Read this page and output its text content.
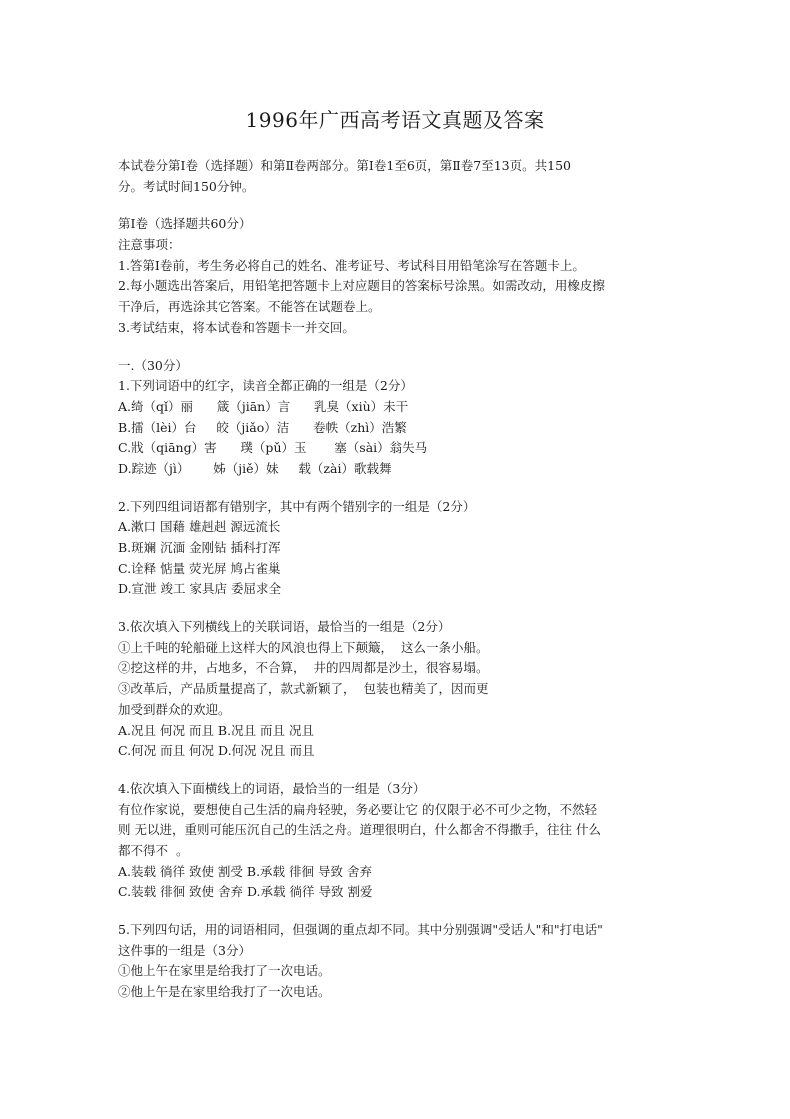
1996年广西高考语文真题及答案
本试卷分第Ⅰ卷（选择题）和第Ⅱ卷两部分。第Ⅰ卷1至6页，第Ⅱ卷7至13页。共150
分。考试时间150分钟。
第Ⅰ卷（选择题共60分）
注意事项：
1.答第Ⅰ卷前，考生务必将自己的姓名、准考证号、考试科目用铅笔涂写在答题卡上。
2.每小题选出答案后，用铅笔把答题卡上对应题目的答案标号涂黑。如需改动，用橡皮擦
干净后，再选涂其它答案。不能答在试题卷上。
3.考试结束，将本试卷和答题卡一并交回。
一.（30分）
1.下列词语中的红字，读音全都正确的一组是（2分）
A.绮（qǐ）丽      箴（jiān）言      乳臭（xiù）未干
B.擂（lèi）台     皎（jiǎo）洁      卷帙（zhì）浩繁
C.戕（qiāng）害      璞（pǔ）玉       塞（sài）翁失马
D.踪迹（jì）      姊（jiě）妹     载（zài）歌载舞
2.下列四组词语都有错别字，其中有两个错别字的一组是（2分）
A.漱口 国藉 雄赳赳 源远流长
B.斑斓 沉湎 金刚钻 插科打浑
C.诠释 惦量 荧光屏 鸠占雀巢
D.宣泄 竣工 家具店 委屈求全
3.依次填入下列横线上的关联词语，最恰当的一组是（2分）
①上千吨的轮船碰上这样大的风浪也得上下颠簸，  这么一条小船。
②挖这样的井，占地多，不合算，  井的四周都是沙土，很容易塌。
③改革后，产品质量提高了，款式新颖了，  包装也精美了，因而更
加受到群众的欢迎。
A.况且 何况 而且 B.况且 而且 况且
C.何况 而且 何况 D.何况 况且 而且
4.依次填入下面横线上的词语，最恰当的一组是（3分）
有位作家说，要想使自己生活的扁舟轻驶，务必要让它 的仅限于必不可少之物，不然轻
则 无以进，重则可能压沉自己的生活之舟。道理很明白，什么都舍不得撒手，往往 什么
都不得不  。
A.装载 徜徉 致使 割受 B.承载 徘徊 导致 舍弃
C.装载 徘徊 致使 舍弃 D.承载 徜徉 导致 割爱
5.下列四句话，用的词语相同，但强调的重点却不同。其中分别强调"受话人"和"打电话"
这件事的一组是（3分）
①他上午在家里是给我打了一次电话。
②他上午是在家里给我打了一次电话。
